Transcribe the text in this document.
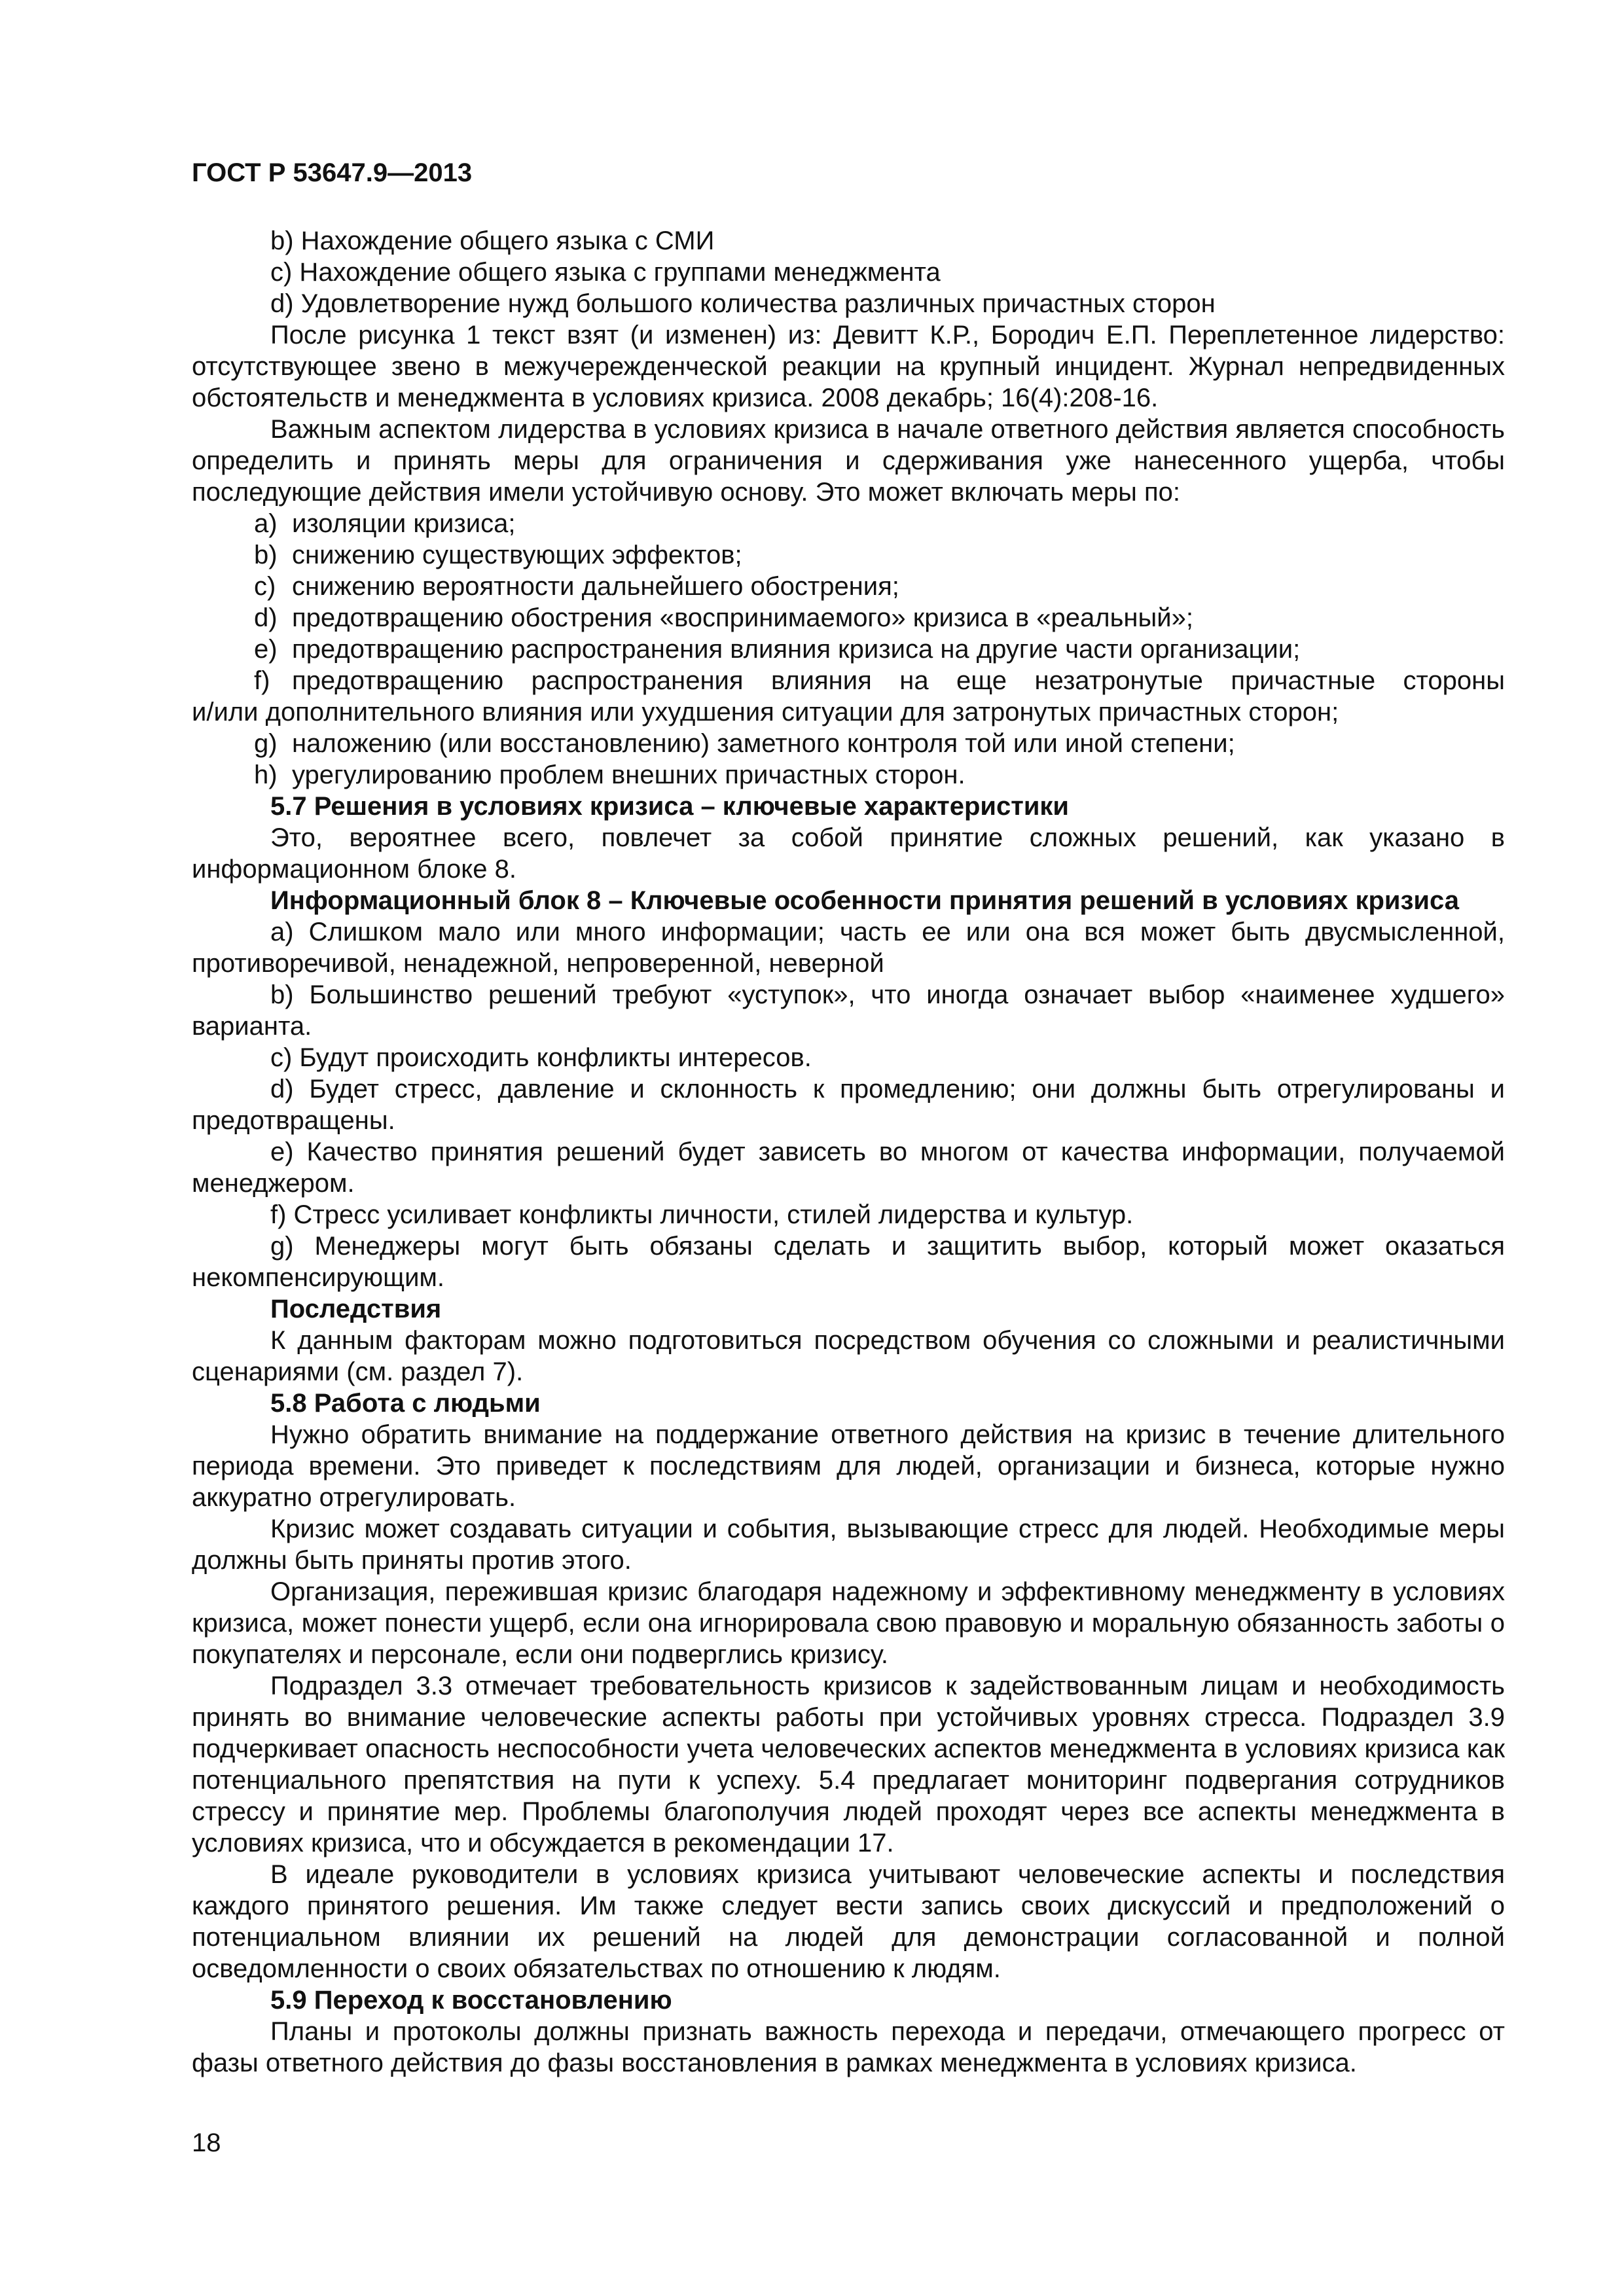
ГОСТ Р 53647.9—2013

b) Нахождение общего языка с СМИ

c) Нахождение общего языка с группами менеджмента

d) Удовлетворение нужд большого количества различных причастных сторон

После рисунка 1 текст взят (и изменен) из: Девитт К.Р., Бородич Е.П. Переплетенное лидерство: отсутствующее звено в межучережденческой реакции на крупный инцидент. Журнал непредвиденных обстоятельств и менеджмента в условиях кризиса. 2008 декабрь; 16(4):208-16.

Важным аспектом лидерства в условиях кризиса в начале ответного действия является способность определить и принять меры для ограничения и сдерживания уже нанесенного ущерба, чтобы последующие действия имели устойчивую основу. Это может включать меры по:

a) изоляции кризиса;
b) снижению существующих эффектов;
c) снижению вероятности дальнейшего обострения;
d) предотвращению обострения «воспринимаемого» кризиса в «реальный»;
e) предотвращению распространения влияния кризиса на другие части организации;
f) предотвращению распространения влияния на еще незатронутые причастные стороны

и/или дополнительного влияния или ухудшения ситуации для затронутых причастных сторон;

g) наложению (или восстановлению) заметного контроля той или иной степени;
h) урегулированию проблем внешних причастных сторон.

5.7 Решения в условиях кризиса – ключевые характеристики

Это, вероятнее всего, повлечет за собой принятие сложных решений, как указано в информационном блоке 8.

Информационный блок 8 – Ключевые особенности принятия решений в условиях кризиса

a) Слишком мало или много информации; часть ее или она вся может быть двусмысленной, противоречивой, ненадежной, непроверенной, неверной

b) Большинство решений требуют «уступок», что иногда означает выбор «наименее худшего» варианта.

c) Будут происходить конфликты интересов.

d) Будет стресс, давление и склонность к промедлению; они должны быть отрегулированы и предотвращены.

e) Качество принятия решений будет зависеть во многом от качества информации, получаемой менеджером.

f) Стресс усиливает конфликты личности, стилей лидерства и культур.

g) Менеджеры могут быть обязаны сделать и защитить выбор, который может оказаться некомпенсирующим.

Последствия

К данным факторам можно подготовиться посредством обучения со сложными и реалистичными сценариями (см. раздел 7).

5.8 Работа с людьми

Нужно обратить внимание на поддержание ответного действия на кризис в течение длительного периода времени. Это приведет к последствиям для людей, организации и бизнеса, которые нужно аккуратно отрегулировать.

Кризис может создавать ситуации и события, вызывающие стресс для людей. Необходимые меры должны быть приняты против этого.

Организация, пережившая кризис благодаря надежному и эффективному менеджменту в условиях кризиса, может понести ущерб, если она игнорировала свою правовую и моральную обязанность заботы о покупателях и персонале, если они подверглись кризису.

Подраздел 3.3 отмечает требовательность кризисов к задействованным лицам и необходимость принять во внимание человеческие аспекты работы при устойчивых уровнях стресса. Подраздел 3.9 подчеркивает опасность неспособности учета человеческих аспектов менеджмента в условиях кризиса как потенциального препятствия на пути к успеху. 5.4 предлагает мониторинг подвергания сотрудников стрессу и принятие мер. Проблемы благополучия людей проходят через все аспекты менеджмента в условиях кризиса, что и обсуждается в рекомендации 17.

В идеале руководители в условиях кризиса учитывают человеческие аспекты и последствия каждого принятого решения. Им также следует вести запись своих дискуссий и предположений о потенциальном влиянии их решений на людей для демонстрации согласованной и полной осведомленности о своих обязательствах по отношению к людям.

5.9 Переход к восстановлению

Планы и протоколы должны признать важность перехода и передачи, отмечающего прогресс от фазы ответного действия до фазы восстановления в рамках менеджмента в условиях кризиса.

18
